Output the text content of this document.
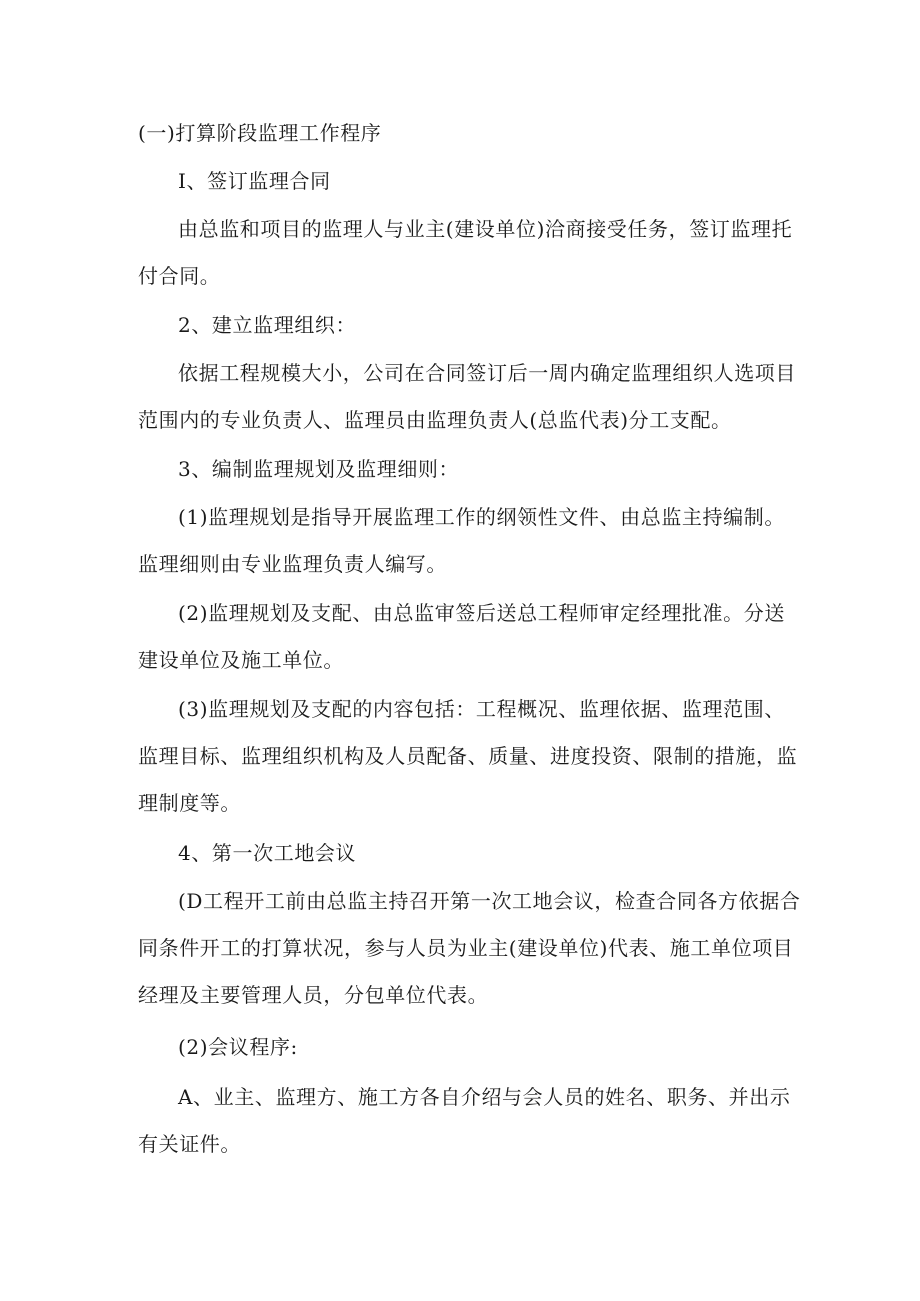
(一)打算阶段监理工作程序

I、签订监理合同

由总监和项目的监理人与业主(建设单位)洽商接受任务，签订监理托
付合同。

2、建立监理组织：

依据工程规模大小，公司在合同签订后一周内确定监理组织人选项目
范围内的专业负责人、监理员由监理负责人(总监代表)分工支配。

3、编制监理规划及监理细则：

(1)监理规划是指导开展监理工作的纲领性文件、由总监主持编制。
监理细则由专业监理负责人编写。

(2)监理规划及支配、由总监审签后送总工程师审定经理批准。分送
建设单位及施工单位。

(3)监理规划及支配的内容包括：工程概况、监理依据、监理范围、
监理目标、监理组织机构及人员配备、质量、进度投资、限制的措施，监
理制度等。

4、第一次工地会议

(D工程开工前由总监主持召开第一次工地会议，检查合同各方依据合
同条件开工的打算状况，参与人员为业主(建设单位)代表、施工单位项目
经理及主要管理人员，分包单位代表。

(2)会议程序:

A、业主、监理方、施工方各自介绍与会人员的姓名、职务、并出示
有关证件。
